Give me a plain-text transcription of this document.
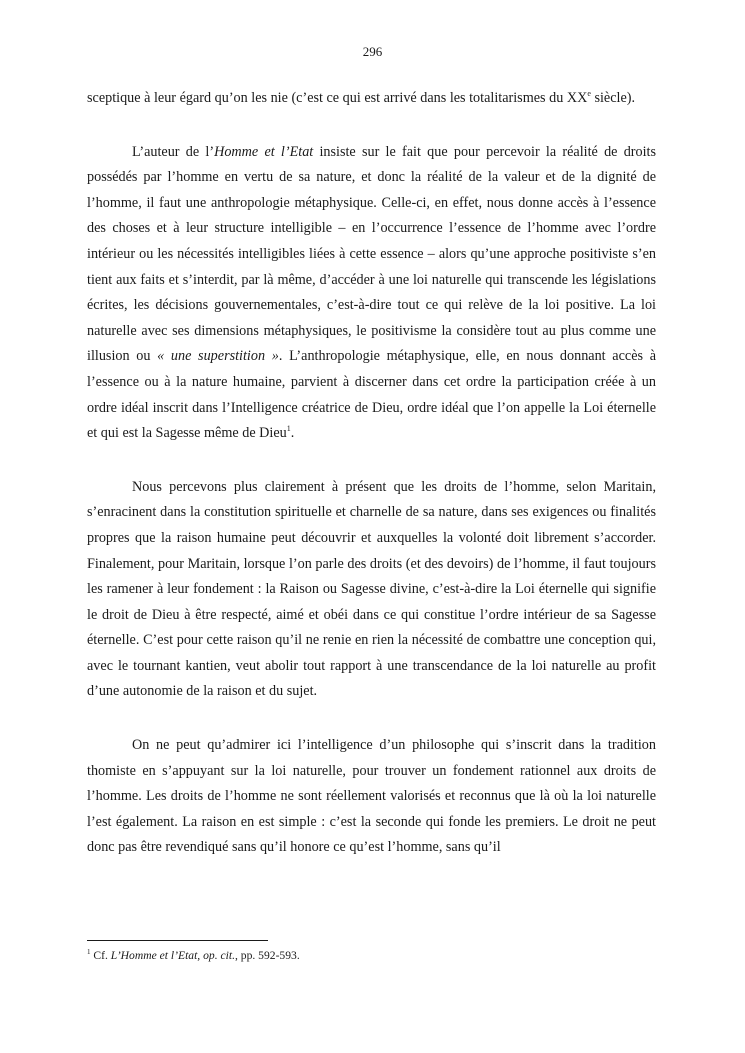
296

sceptique à leur égard qu’on les nie (c’est ce qui est arrivé dans les totalitarismes du XXe siècle).

L’auteur de l’Homme et l’Etat insiste sur le fait que pour percevoir la réalité de droits possédés par l’homme en vertu de sa nature, et donc la réalité de la valeur et de la dignité de l’homme, il faut une anthropologie métaphysique. Celle-ci, en effet, nous donne accès à l’essence des choses et à leur structure intelligible – en l’occurrence l’essence de l’homme avec l’ordre intérieur ou les nécessités intelligibles liées à cette essence – alors qu’une approche positiviste s’en tient aux faits et s’interdit, par là même, d’accéder à une loi naturelle qui transcende les législations écrites, les décisions gouvernementales, c’est-à-dire tout ce qui relève de la loi positive. La loi naturelle avec ses dimensions métaphysiques, le positivisme la considère tout au plus comme une illusion ou « une superstition ». L’anthropologie métaphysique, elle, en nous donnant accès à l’essence ou à la nature humaine, parvient à discerner dans cet ordre la participation créée à un ordre idéal inscrit dans l’Intelligence créatrice de Dieu, ordre idéal que l’on appelle la Loi éternelle et qui est la Sagesse même de Dieu$^1$.

Nous percevons plus clairement à présent que les droits de l’homme, selon Maritain, s’enracinent dans la constitution spirituelle et charnelle de sa nature, dans ses exigences ou finalités propres que la raison humaine peut découvrir et auxquelles la volonté doit librement s’accorder. Finalement, pour Maritain, lorsque l’on parle des droits (et des devoirs) de l’homme, il faut toujours les ramener à leur fondement : la Raison ou Sagesse divine, c’est-à-dire la Loi éternelle qui signifie le droit de Dieu à être respecté, aimé et obéi dans ce qui constitue l’ordre intérieur de sa Sagesse éternelle. C’est pour cette raison qu’il ne renie en rien la nécessité de combattre une conception qui, avec le tournant kantien, veut abolir tout rapport à une transcendance de la loi naturelle au profit d’une autonomie de la raison et du sujet.

On ne peut qu’admirer ici l’intelligence d’un philosophe qui s’inscrit dans la tradition thomiste en s’appuyant sur la loi naturelle, pour trouver un fondement rationnel aux droits de l’homme. Les droits de l’homme ne sont réellement valorisés et reconnus que là où la loi naturelle l’est également. La raison en est simple : c’est la seconde qui fonde les premiers. Le droit ne peut donc pas être revendiqué sans qu’il honore ce qu’est l’homme, sans qu’il

$^1$ Cf. L’Homme et l’Etat, op. cit., pp. 592-593.
